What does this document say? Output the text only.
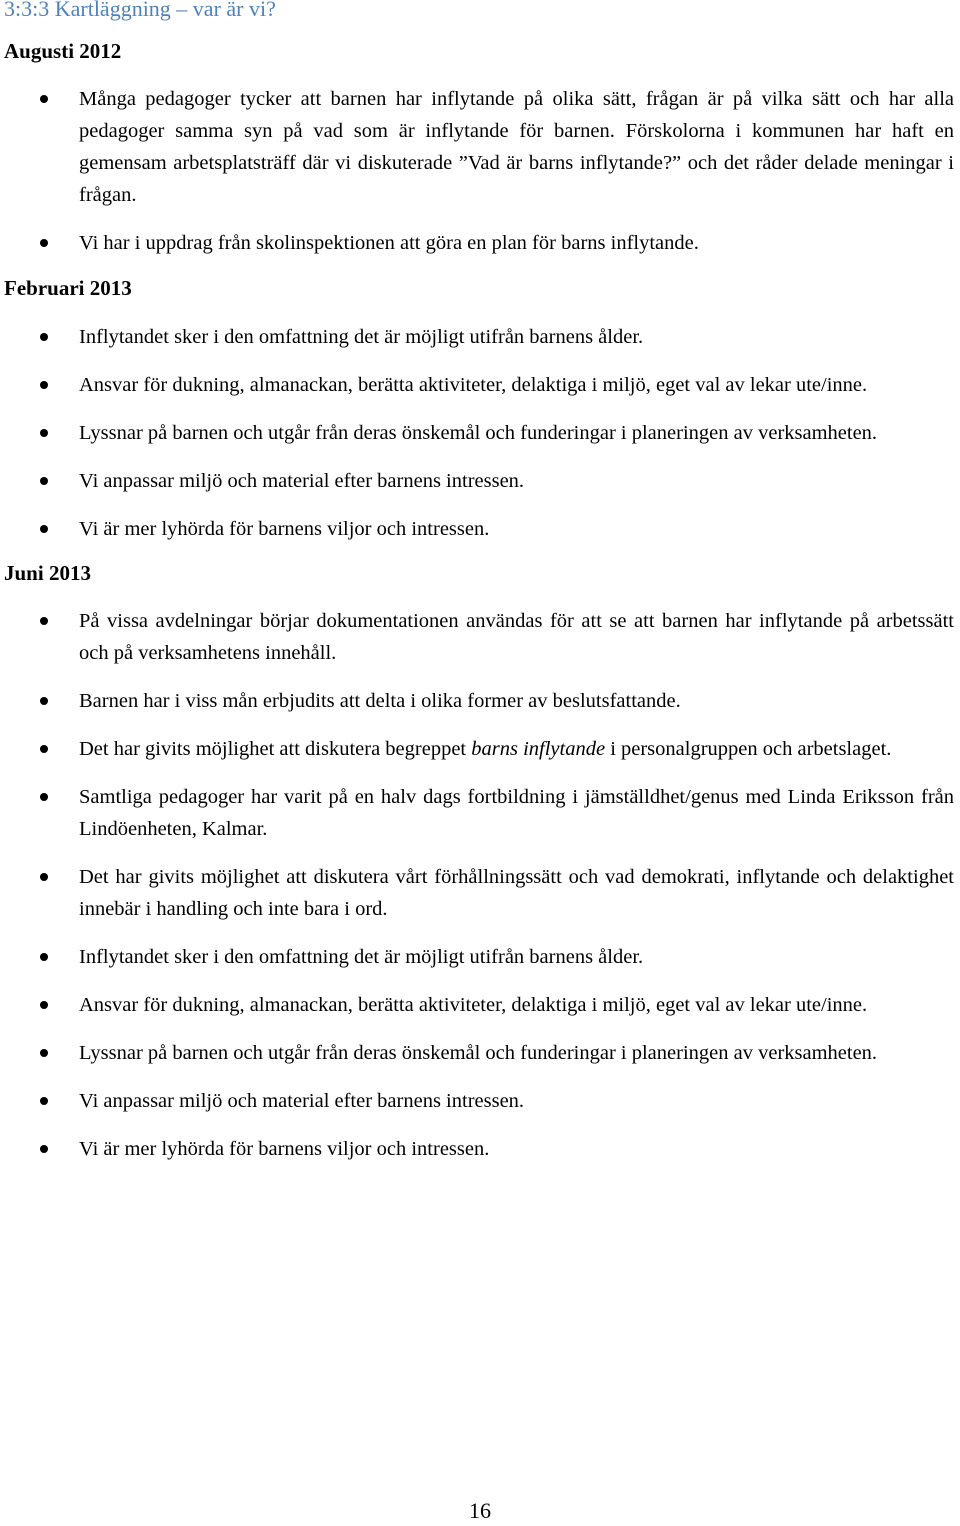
3:3:3 Kartläggning – var är vi?
Augusti 2012
Många pedagoger tycker att barnen har inflytande på olika sätt, frågan är på vilka sätt och har alla pedagoger samma syn på vad som är inflytande för barnen. Förskolorna i kommunen har haft en gemensam arbetsplatsträff där vi diskuterade ”Vad är barns inflytande?” och det råder delade meningar i frågan.
Vi har i uppdrag från skolinspektionen att göra en plan för barns inflytande.
Februari 2013
Inflytandet sker i den omfattning det är möjligt utifrån barnens ålder.
Ansvar för dukning, almanackan, berätta aktiviteter, delaktiga i miljö, eget val av lekar ute/inne.
Lyssnar på barnen och utgår från deras önskemål och funderingar i planeringen av verksamheten.
Vi anpassar miljö och material efter barnens intressen.
Vi är mer lyhörda för barnens viljor och intressen.
Juni 2013
På vissa avdelningar börjar dokumentationen användas för att se att barnen har inflytande på arbetssätt och på verksamhetens innehåll.
Barnen har i viss mån erbjudits att delta i olika former av beslutsfattande.
Det har givits möjlighet att diskutera begreppet barns inflytande i personalgruppen och arbetslaget.
Samtliga pedagoger har varit på en halv dags fortbildning i jämställdhet/genus med Linda Eriksson från Lindöenheten, Kalmar.
Det har givits möjlighet att diskutera vårt förhållningssätt och vad demokrati, inflytande och delaktighet innebär i handling och inte bara i ord.
Inflytandet sker i den omfattning det är möjligt utifrån barnens ålder.
Ansvar för dukning, almanackan, berätta aktiviteter, delaktiga i miljö, eget val av lekar ute/inne.
Lyssnar på barnen och utgår från deras önskemål och funderingar i planeringen av verksamheten.
Vi anpassar miljö och material efter barnens intressen.
Vi är mer lyhörda för barnens viljor och intressen.
16
